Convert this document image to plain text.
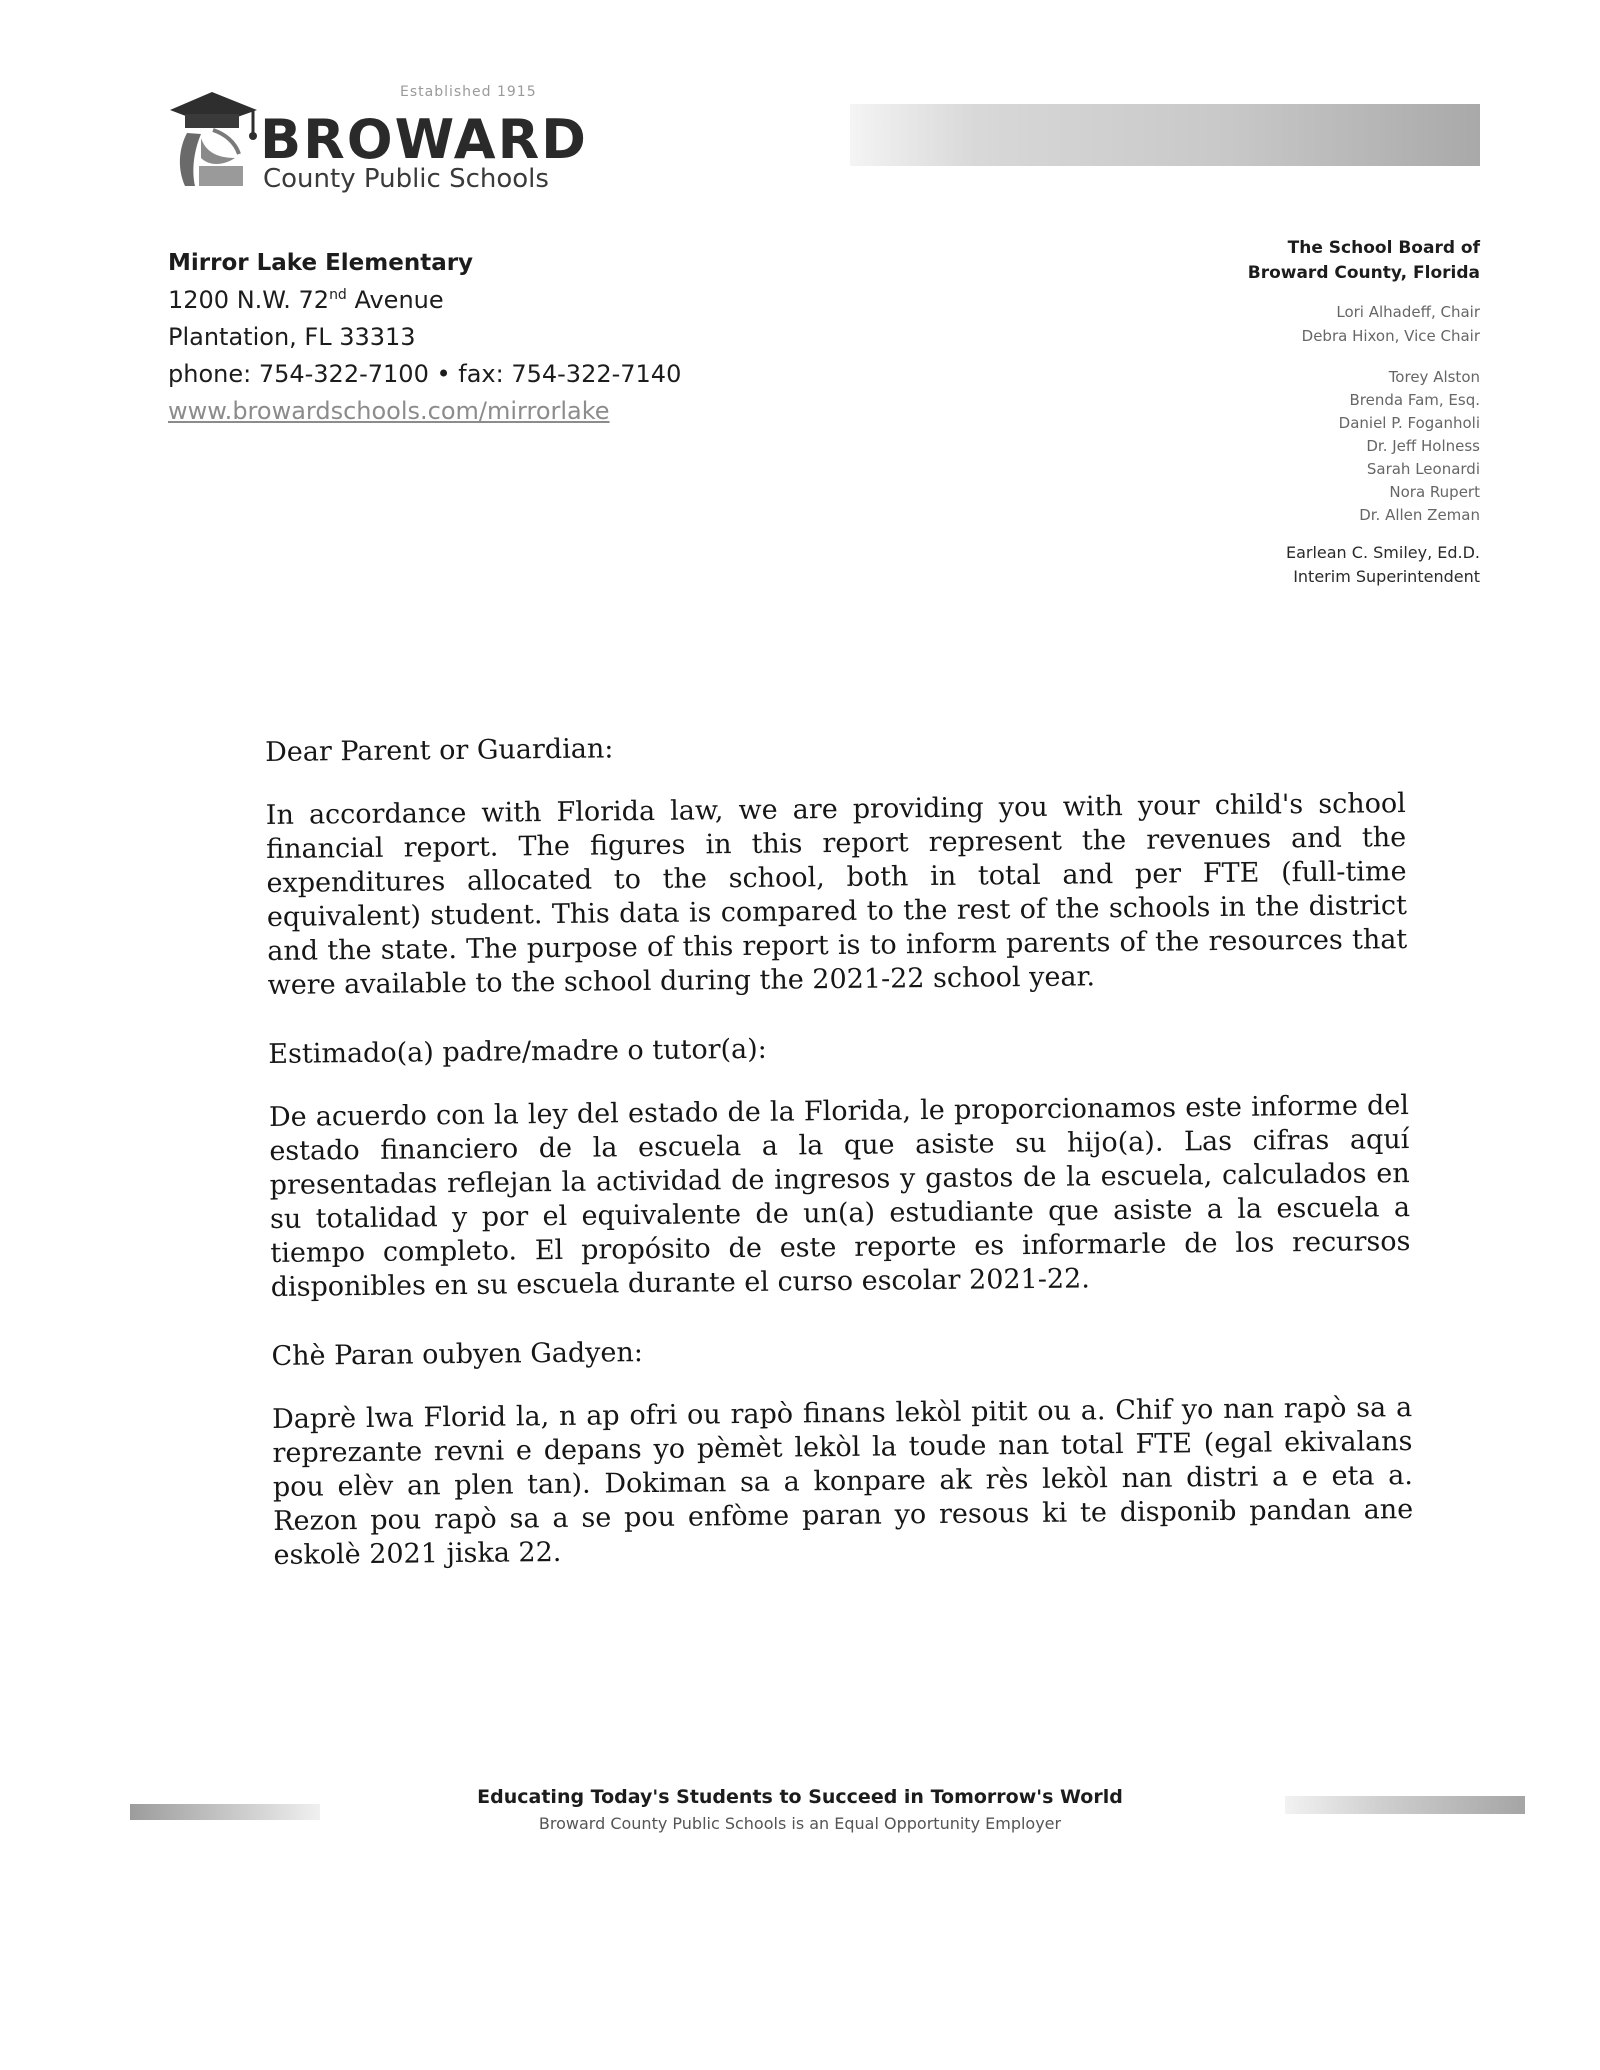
Established 1915
BROWARD
County Public Schools
Mirror Lake Elementary
1200 N.W. 72nd Avenue
Plantation, FL 33313
phone: 754-322-7100 • fax: 754-322-7140
www.browardschools.com/mirrorlake
The School Board of
Broward County, Florida
Lori Alhadeff, Chair
Debra Hixon, Vice Chair
Torey Alston
Brenda Fam, Esq.
Daniel P. Foganholi
Dr. Jeff Holness
Sarah Leonardi
Nora Rupert
Dr. Allen Zeman
Earlean C. Smiley, Ed.D.
Interim Superintendent

Dear Parent or Guardian:

In accordance with Florida law, we are providing you with your child's school financial report. The figures in this report represent the revenues and the expenditures allocated to the school, both in total and per FTE (full-time equivalent) student. This data is compared to the rest of the schools in the district and the state. The purpose of this report is to inform parents of the resources that were available to the school during the 2021-22 school year.

Estimado(a) padre/madre o tutor(a):

De acuerdo con la ley del estado de la Florida, le proporcionamos este informe del estado financiero de la escuela a la que asiste su hijo(a). Las cifras aquí presentadas reflejan la actividad de ingresos y gastos de la escuela, calculados en su totalidad y por el equivalente de un(a) estudiante que asiste a la escuela a tiempo completo. El propósito de este reporte es informarle de los recursos disponibles en su escuela durante el curso escolar 2021-22.

Chè Paran oubyen Gadyen:

Daprè lwa Florid la, n ap ofri ou rapò finans lekòl pitit ou a. Chif yo nan rapò sa a reprezante revni e depans yo pèmèt lekòl la toude nan total FTE (egal ekivalans pou elèv an plen tan). Dokiman sa a konpare ak rès lekòl nan distri a e eta a. Rezon pou rapò sa a se pou enfòme paran yo resous ki te disponib pandan ane eskolè 2021 jiska 22.

Educating Today's Students to Succeed in Tomorrow's World
Broward County Public Schools is an Equal Opportunity Employer
